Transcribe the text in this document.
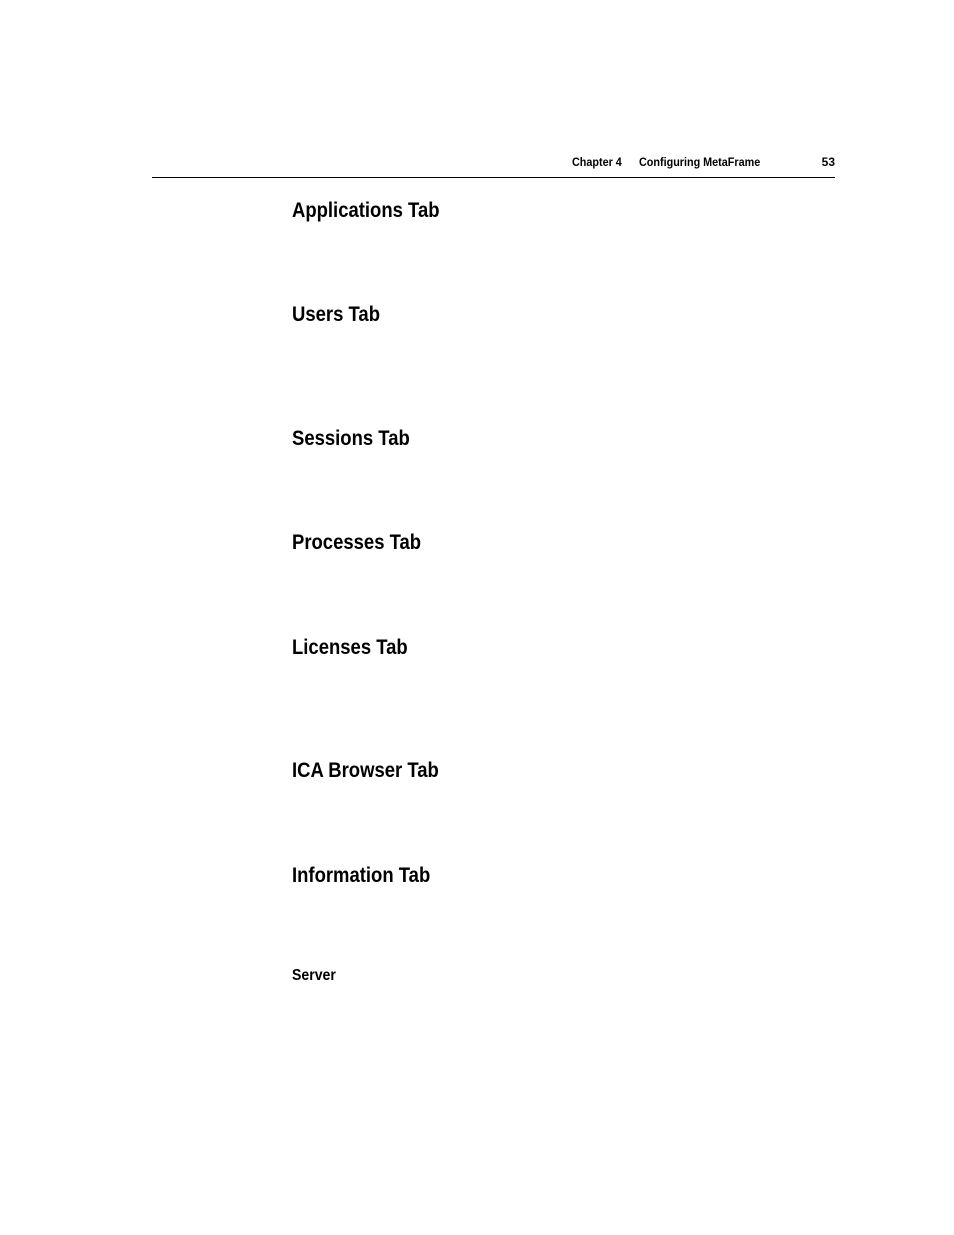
Chapter 4 Configuring MetaFrame	53
Applications Tab
Users Tab
Sessions Tab
Processes Tab
Licenses Tab
ICA Browser Tab
Information Tab
Server
